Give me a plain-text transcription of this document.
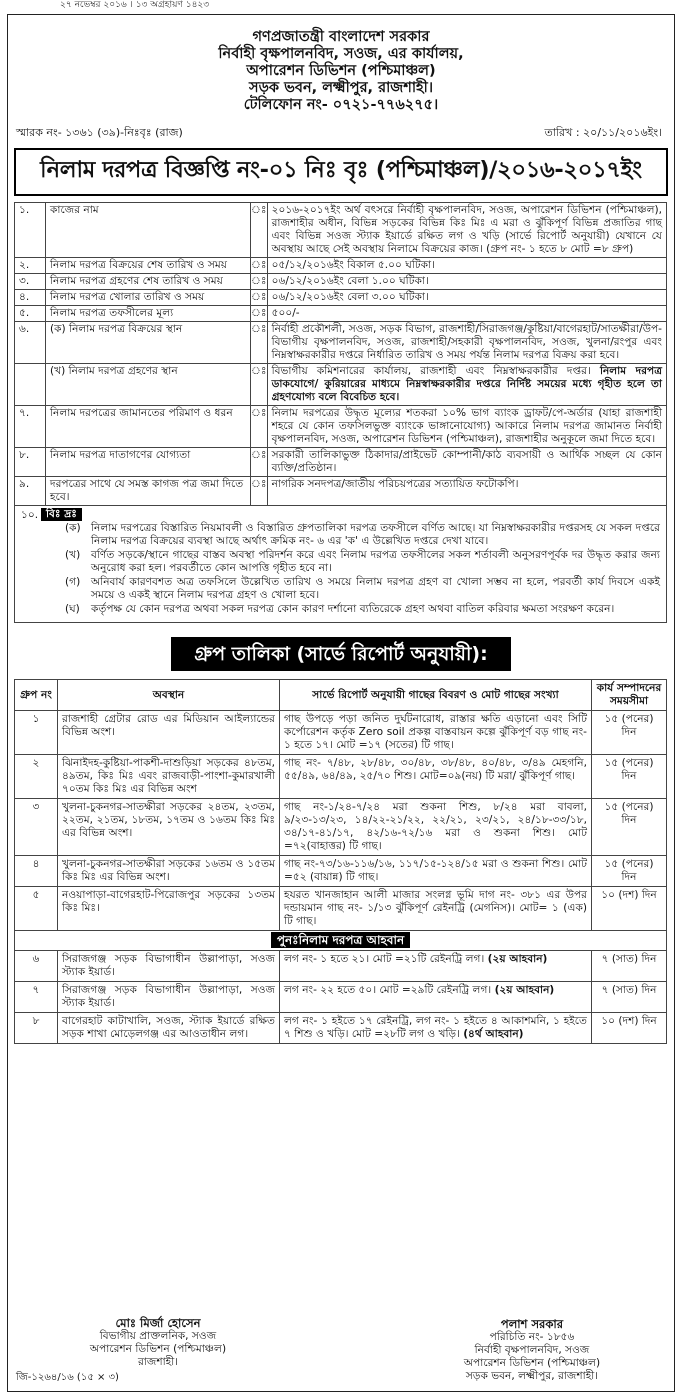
২৭ নভেম্বর ২০১৬ । ১৩ অগ্রহায়ণ ১৪২৩
গণপ্রজাতন্ত্রী বাংলাদেশ সরকার
নির্বাহী বৃক্ষপালনবিদ, সওজ, এর কার্যালয়,
অপারেশন ডিভিশন (পশ্চিমাঞ্চল)
সড়ক ভবন, লক্ষ্মীপুর, রাজশাহী।
টেলিফোন নং- ০৭২১-৭৭৬২৭৫।
স্মারক নং- ১৩৬১ (৩৯)-নিঃবৃঃ (রাজ)	তারিখ : ২০/১১/২০১৬ইং।
নিলাম দরপত্র বিজ্ঞপ্তি নং-০১ নিঃ বৃঃ (পশ্চিমাঞ্চল)/২০১৬-২০১৭ইং
১.	কাজের নাম	ঃ	২০১৬-২০১৭ইং অর্থ বৎসরে নির্বাহী বৃক্ষপালনবিদ, সওজ, অপারেশন ডিভিশন (পশ্চিমাঞ্চল), রাজশাহীর অধীন, বিভিন্ন সড়কের বিভিন্ন কিঃ মিঃ এ মরা ও ঝুঁকিপূর্ণ বিভিন্ন প্রজাতির গাছ এবং বিভিন্ন সওজ স্ট্যাক ইয়ার্ডে রক্ষিত লগ ও খড়ি (সার্ভে রিপোর্ট অনুযায়ী) যেখানে যে অবস্থায় আছে সেই অবস্থায় নিলামে বিক্রয়ের কাজ। (গ্রুপ নং- ১ হতে ৮ মোট =৮ গ্রুপ)
২.	নিলাম দরপত্র বিক্রয়ের শেষ তারিখ ও সময়	ঃ	০৫/১২/২০১৬ইং বিকাল ৫.০০ ঘটিকা।
৩.	নিলাম দরপত্র গ্রহণের শেষ তারিখ ও সময়	ঃ	০৬/১২/২০১৬ইং বেলা ১.০০ ঘটিকা।
৪.	নিলাম দরপত্র খোলার তারিখ ও সময়	ঃ	০৬/১২/২০১৬ইং বেলা ৩.০০ ঘটিকা।
৫.	নিলাম দরপত্র তফসীলের মূল্য	ঃ	৫০০/-
৬.	(ক) নিলাম দরপত্র বিক্রয়ের স্থান	ঃ	নির্বাহী প্রকৌশলী, সওজ, সড়ক বিভাগ, রাজশাহী/সিরাজগঞ্জ/কুষ্টিয়া/বাগেরহাট/সাতক্ষীরা/উপ-বিভাগীয় বৃক্ষপালনবিদ, সওজ, রাজশাহী/সহকারী বৃক্ষপালনবিদ, সওজ, খুলনা/রংপুর এবং নিম্নস্বাক্ষরকারীর দপ্তরে নির্ধারিত তারিখ ও সময় পর্যন্ত নিলাম দরপত্র বিক্রয় করা হবে।
	(খ) নিলাম দরপত্র গ্রহণের স্থান	ঃ	বিভাগীয় কমিশনারের কার্যালয়, রাজশাহী এবং নিম্নস্বাক্ষরকারীর দপ্তর। নিলাম দরপত্র ডাকযোগে/ কুরিয়ারের মাধ্যমে নিম্নস্বাক্ষরকারীর দপ্তরে নির্দিষ্ট সময়ের মধ্যে গৃহীত হলে তা গ্রহণযোগ্য বলে বিবেচিত হবে।
৭.	নিলাম দরপত্রের জামানতের পরিমাণ ও ধরন	ঃ	নিলাম দরপত্রের উদ্ধৃত মূল্যের শতকরা ১০% ভাগ ব্যাংক ড্রাফট/পে-অর্ডার (যাহা রাজশাহী শহরে যে কোন তফসিলভুক্ত ব্যাংকে ভাঙ্গানোযোগ্য) আকারে নিলাম দরপত্র জামানত নির্বাহী বৃক্ষপালনবিদ, সওজ, অপারেশন ডিভিশন (পশ্চিমাঞ্চল), রাজশাহীর অনুকূলে জমা দিতে হবে।
৮.	নিলাম দরপত্র দাতাগণের যোগ্যতা	ঃ	সরকারী তালিকাভুক্ত ঠিকাদার/প্রাইভেট কোম্পানী/কাঠ ব্যবসায়ী ও আর্থিক সচ্ছল যে কোন ব্যক্তি/প্রতিষ্ঠান।
৯.	দরপত্রের সাথে যে সমস্ত কাগজ পত্র জমা দিতে হবে।	ঃ	নাগরিক সনদপত্র/জাতীয় পরিচয়পত্রের সত্যায়িত ফটোকপি।
১০. বিঃ দ্রঃ
(ক) নিলাম দরপত্রের বিস্তারিত নিয়মাবলী ও বিস্তারিত গ্রুপতালিকা দরপত্র তফসীলে বর্ণিত আছে। যা নিম্নস্বাক্ষরকারীর দপ্তরসহ যে সকল দপ্তরে নিলাম দরপত্র বিক্রয়ের ব্যবস্থা আছে অর্থাৎ ক্রমিক নং- ৬ এর 'ক' এ উল্লেখিত দপ্তরে দেখা যাবে।
(খ)	বর্ণিত সড়কে/স্থানে গাছের বাস্তব অবস্থা পরিদর্শন করে এবং নিলাম দরপত্র তফসীলের সকল শর্তাবলী অনুসরণপূর্বক দর উদ্ধৃত করার জন্য অনুরোধ করা হল। পরবর্তীতে কোন আপত্তি গৃহীত হবে না।
(গ)	অনিবার্য কারণবশত অত্র তফসিলে উল্লেখিত তারিখ ও সময়ে নিলাম দরপত্র গ্রহণ বা খোলা সম্ভব না হলে, পরবর্তী কার্য দিবসে একই সময়ে ও একই স্থানে নিলাম দরপত্র গ্রহণ ও খোলা হবে।
(ঘ)	কর্তৃপক্ষ যে কোন দরপত্র অথবা সকল দরপত্র কোন কারণ দর্শানো ব্যতিরেকে গ্রহণ অথবা বাতিল করিবার ক্ষমতা সংরক্ষণ করেন।
গ্রুপ তালিকা (সার্ভে রিপোর্ট অনুযায়ী):
গ্রুপ নং	অবস্থান	সার্ভে রিপোর্ট অনুযায়ী গাছের বিবরণ ও মোট গাছের সংখ্যা	কার্য সম্পাদনের সময়সীমা
১	রাজশাহী গ্রেটার রোড এর মিডিয়ান আইল্যান্ডের বিভিন্ন অংশ।	গাছ উপড়ে পড়া জনিত দুর্ঘটনারোধ, রাস্তার ক্ষতি এড়ানো এবং সিটি কর্পোরেশন কর্তৃক Zero soil প্রকল্প বাস্তবায়ন কল্পে ঝুঁকিপূর্ণ বড় গাছ নং- ১ হতে ১৭। মোট =১৭ (সতের) টি গাছ।	১৫ (পনের) দিন
২	ঝিনাইদহ-কুষ্টিয়া-পাকশী-দাশুড়িয়া সড়কের ৪৮তম, ৪৯তম, কিঃ মিঃ এবং রাজবাড়ী-পাংশা-কুমারখালী ৭০তম কিঃ মিঃ এর বিভিন্ন অংশ	গাছ নং- ৭/৪৮, ২৮/৪৮, ৩০/৪৮, ৩৮/৪৮, ৪০/৪৮, ৩/৪৯ মেহগনি, ৫৫/৪৯, ৬৪/৪৯, ২৫/৭০ শিশু। মোট=০৯(নয়) টি মরা/ ঝুঁকিপূর্ণ গাছ।	১৫ (পনের) দিন
৩	খুলনা-চুকনগর-সাতক্ষীরা সড়কের ২৪তম, ২৩তম, ২২তম, ২১তম, ১৮তম, ১৭তম ও ১৬তম কিঃ মিঃ এর বিভিন্ন অংশ।	গাছ নং-১/২৪-৭/২৪ মরা শুকনা শিশু, ৮/২৪ মরা বাবলা, ৯/২৩-১৩/২৩, ১৪/২২-২১/২২, ২২/২১, ২৩/২১, ২৪/১৮-৩৩/১৮, ৩৪/১৭-৪১/১৭, ৪২/১৬-৭২/১৬ মরা ও শুকনা শিশু। মোট =৭২(বাহাত্তর) টি গাছ।	১৫ (পনের) দিন
৪	খুলনা-চুকনগর-সাতক্ষীরা সড়কের ১৬তম ও ১৫তম কিঃ মিঃ এর বিভিন্ন অংশ।	গাছ নং-৭৩/১৬-১১৬/১৬, ১১৭/১৫-১২৪/১৫ মরা ও শুকনা শিশু। মোট =৫২ (বায়ান্ন) টি গাছ।	১৫ (পনের) দিন
৫	নওয়াপাড়া-বাগেরহাট-পিরোজপুর সড়কের ১৩তম কিঃ মিঃ।	হযরত খানজাহান আলী মাজার সংলগ্ন ভূমি দাগ নং- ৩৮১ এর উপর দন্ডায়মান গাছ নং- ১/১৩ ঝুঁকিপূর্ণ রেইনট্রি (মেগনিস)। মোট= ১ (এক) টি গাছ।	১০ (দশ) দিন
পুনঃনিলাম দরপত্র আহবান			
৬	সিরাজগঞ্জ সড়ক বিভাগাধীন উল্লাপাড়া, সওজ স্ট্যাক ইয়ার্ড।	লগ নং- ১ হতে ২১। মোট =২১টি রেইনট্রি লগ। (২য় আহবান)	৭ (সাত) দিন
৭	সিরাজগঞ্জ সড়ক বিভাগাধীন উল্লাপাড়া, সওজ স্ট্যাক ইয়ার্ড।	লগ নং- ২২ হতে ৫০। মোট =২৯টি রেইনট্রি লগ। (২য় আহবান)	৭ (সাত) দিন
৮	বাগেরহাট কাটাখালি, সওজ, স্ট্যাক ইয়ার্ডে রক্ষিত সড়ক শাখা মোড়েলগঞ্জ এর আওতাধীন লগ।	লগ নং- ১ হইতে ১৭ রেইনট্রি, লগ নং- ১ হইতে ৪ আকাশমনি, ১ হইতে ৭ শিশু ও খড়ি। মোট =২৮টি লগ ও খড়ি। (৪র্থ আহবান)	১০ (দশ) দিন
মোঃ মির্জা হোসেন
বিভাগীয় প্রাক্তলনিক, সওজ
অপারেশন ডিভিশন (পশ্চিমাঞ্চল)
রাজশাহী।
পলাশ সরকার
পরিচিতি নং- ১৮৫৬
নির্বাহী বৃক্ষপালনবিদ, সওজ
অপারেশন ডিভিশন (পশ্চিমাঞ্চল)
সড়ক ভবন, লক্ষ্মীপুর, রাজশাহী।
জি-১২৬৪/১৬ (১৫ × ৩)
